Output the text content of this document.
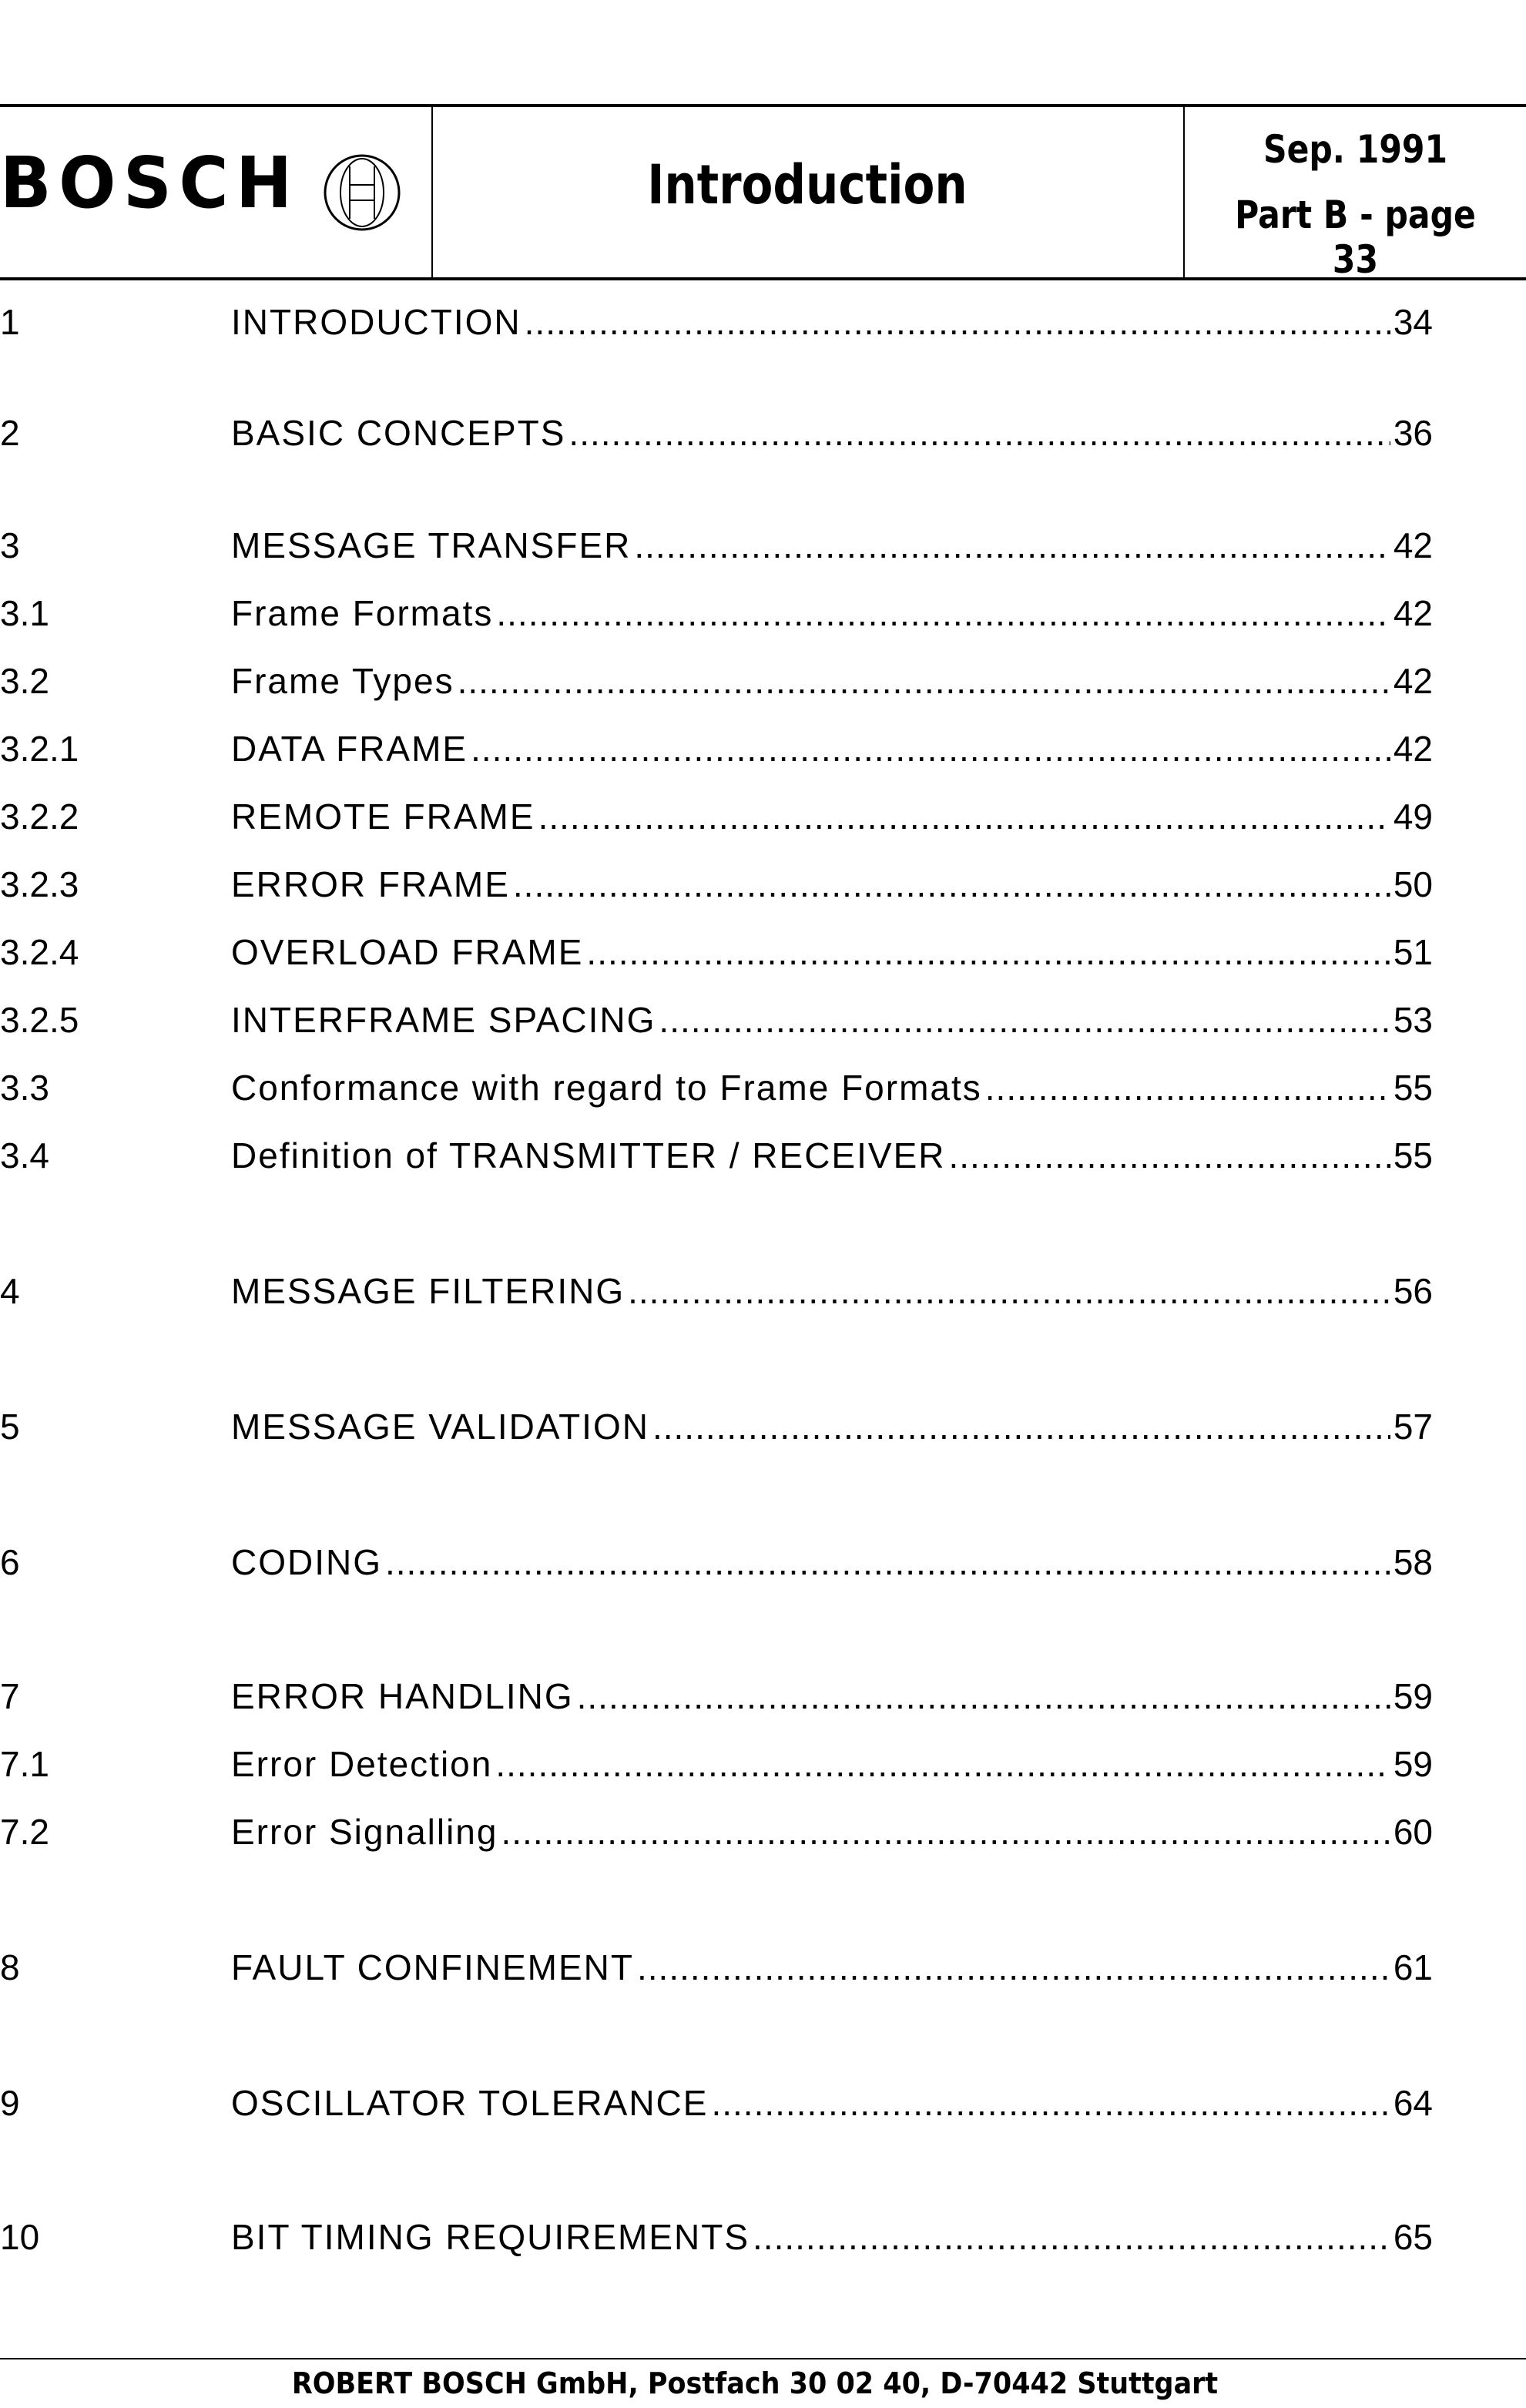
BOSCH	Introduction
Sep. 1991
Part B - page 33
1	INTRODUCTION .....	34
2	BASIC CONCEPTS .....	36
3	MESSAGE TRANSFER .....	42
3.1	Frame Formats .....	42
3.2	Frame Types .....	42
3.2.1	DATA FRAME .....	42
3.2.2	REMOTE FRAME .....	49
3.2.3	ERROR FRAME .....	50
3.2.4	OVERLOAD FRAME .....	51
3.2.5	INTERFRAME SPACING .....	53
3.3	Conformance with regard to Frame Formats .....	55
3.4	Definition of TRANSMITTER / RECEIVER .....	55
4	MESSAGE FILTERING .....	56
5	MESSAGE VALIDATION .....	57
6	CODING .....	58
7	ERROR HANDLING .....	59
7.1	Error Detection .....	59
7.2	Error Signalling .....	60
8	FAULT CONFINEMENT .....	61
9	OSCILLATOR TOLERANCE .....	64
10	BIT TIMING REQUIREMENTS .....	65
ROBERT BOSCH GmbH, Postfach 30 02 40, D-70442 Stuttgart
